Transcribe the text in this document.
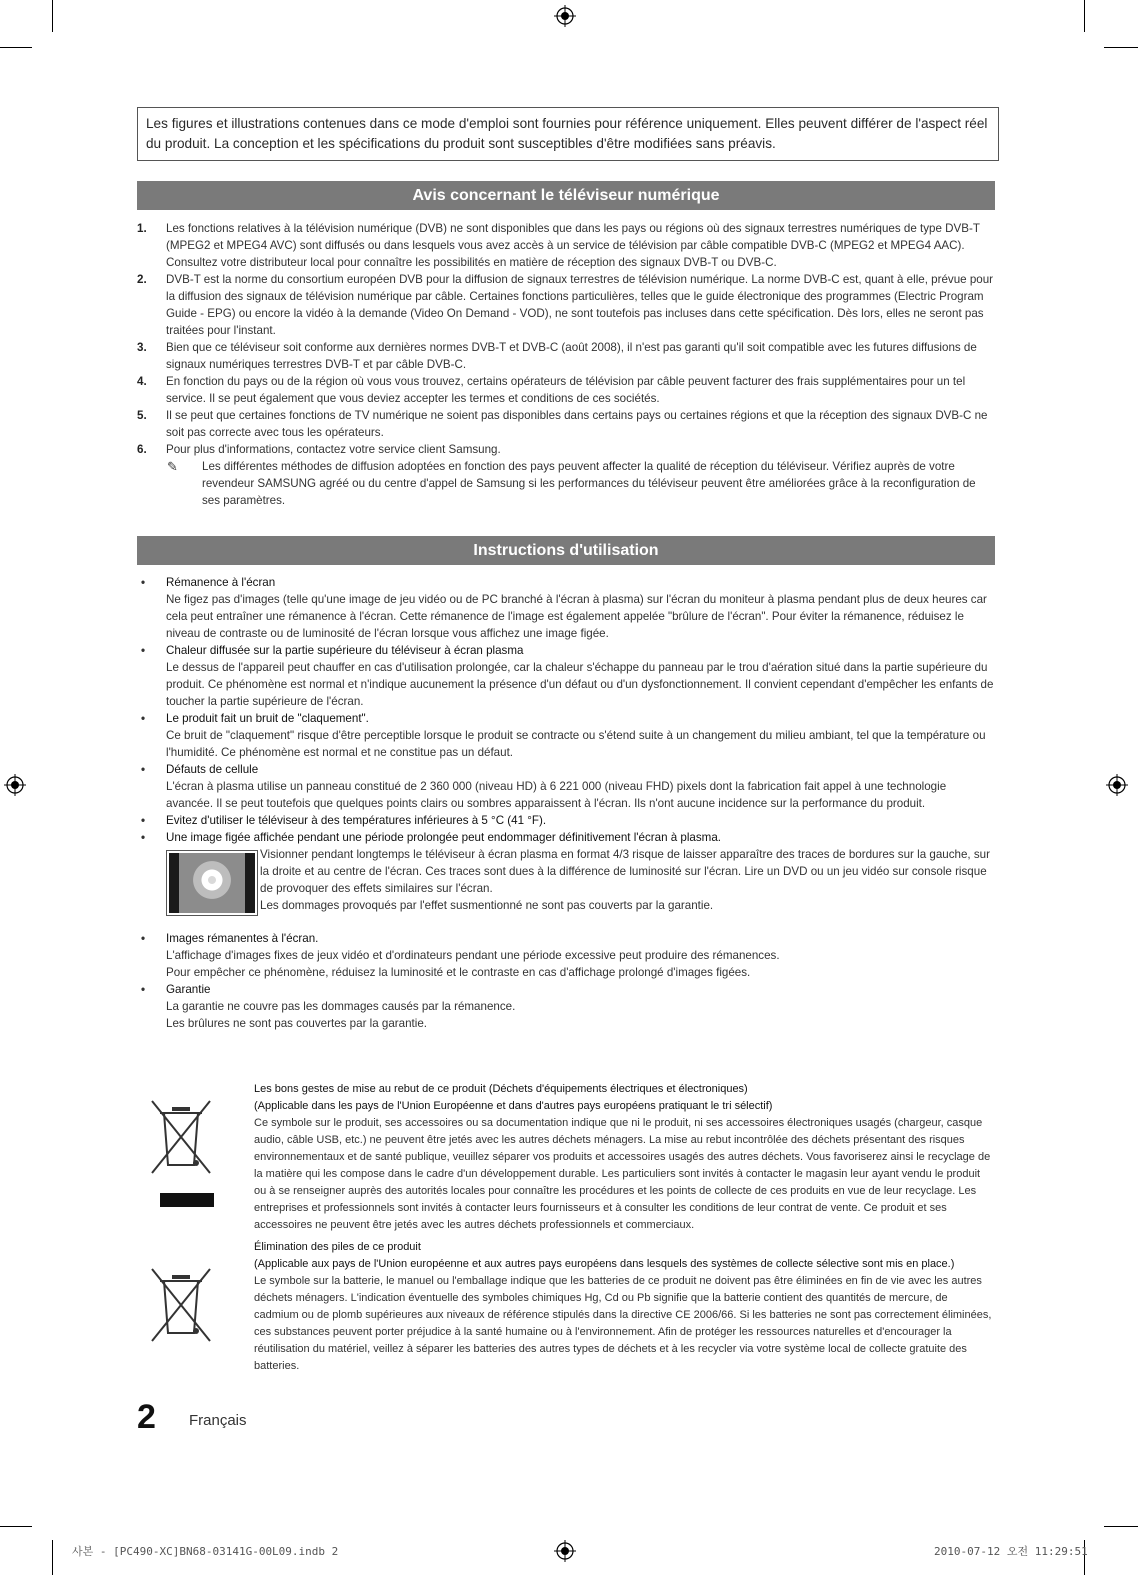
Les figures et illustrations contenues dans ce mode d'emploi sont fournies pour référence uniquement. Elles peuvent différer de l'aspect réel du produit. La conception et les spécifications du produit sont susceptibles d'être modifiées sans préavis.
Avis concernant le téléviseur numérique
1. Les fonctions relatives à la télévision numérique (DVB) ne sont disponibles que dans les pays ou régions où des signaux terrestres numériques de type DVB-T (MPEG2 et MPEG4 AVC) sont diffusés ou dans lesquels vous avez accès à un service de télévision par câble compatible DVB-C (MPEG2 et MPEG4 AAC). Consultez votre distributeur local pour connaître les possibilités en matière de réception des signaux DVB-T ou DVB-C.
2. DVB-T est la norme du consortium européen DVB pour la diffusion de signaux terrestres de télévision numérique. La norme DVB-C est, quant à elle, prévue pour la diffusion des signaux de télévision numérique par câble. Certaines fonctions particulières, telles que le guide électronique des programmes (Electric Program Guide - EPG) ou encore la vidéo à la demande (Video On Demand - VOD), ne sont toutefois pas incluses dans cette spécification. Dès lors, elles ne seront pas traitées pour l'instant.
3. Bien que ce téléviseur soit conforme aux dernières normes DVB-T et DVB-C (août 2008), il n'est pas garanti qu'il soit compatible avec les futures diffusions de signaux numériques terrestres DVB-T et par câble DVB-C.
4. En fonction du pays ou de la région où vous vous trouvez, certains opérateurs de télévision par câble peuvent facturer des frais supplémentaires pour un tel service. Il se peut également que vous deviez accepter les termes et conditions de ces sociétés.
5. Il se peut que certaines fonctions de TV numérique ne soient pas disponibles dans certains pays ou certaines régions et que la réception des signaux DVB-C ne soit pas correcte avec tous les opérateurs.
6. Pour plus d'informations, contactez votre service client Samsung.
✎ Les différentes méthodes de diffusion adoptées en fonction des pays peuvent affecter la qualité de réception du téléviseur. Vérifiez auprès de votre revendeur SAMSUNG agréé ou du centre d'appel de Samsung si les performances du téléviseur peuvent être améliorées grâce à la reconfiguration de ses paramètres.
Instructions d'utilisation
• Rémanence à l'écran
Ne figez pas d'images (telle qu'une image de jeu vidéo ou de PC branché à l'écran à plasma) sur l'écran du moniteur à plasma pendant plus de deux heures car cela peut entraîner une rémanence à l'écran. Cette rémanence de l'image est également appelée "brûlure de l'écran". Pour éviter la rémanence, réduisez le niveau de contraste ou de luminosité de l'écran lorsque vous affichez une image figée.
• Chaleur diffusée sur la partie supérieure du téléviseur à écran plasma
Le dessus de l'appareil peut chauffer en cas d'utilisation prolongée, car la chaleur s'échappe du panneau par le trou d'aération situé dans la partie supérieure du produit. Ce phénomène est normal et n'indique aucunement la présence d'un défaut ou d'un dysfonctionnement. Il convient cependant d'empêcher les enfants de toucher la partie supérieure de l'écran.
• Le produit fait un bruit de "claquement".
Ce bruit de "claquement" risque d'être perceptible lorsque le produit se contracte ou s'étend suite à un changement du milieu ambiant, tel que la température ou l'humidité. Ce phénomène est normal et ne constitue pas un défaut.
• Défauts de cellule
L'écran à plasma utilise un panneau constitué de 2 360 000 (niveau HD) à 6 221 000 (niveau FHD) pixels dont la fabrication fait appel à une technologie avancée. Il se peut toutefois que quelques points clairs ou sombres apparaissent à l'écran. Ils n'ont aucune incidence sur la performance du produit.
• Evitez d'utiliser le téléviseur à des températures inférieures à 5 °C (41 °F).
• Une image figée affichée pendant une période prolongée peut endommager définitivement l'écran à plasma.
Visionner pendant longtemps le téléviseur à écran plasma en format 4/3 risque de laisser apparaître des traces de bordures sur la gauche, sur la droite et au centre de l'écran. Ces traces sont dues à la différence de luminosité sur l'écran. Lire un DVD ou un jeu vidéo sur console risque de provoquer des effets similaires sur l'écran.
Les dommages provoqués par l'effet susmentionné ne sont pas couverts par la garantie.
• Images rémanentes à l'écran.
L'affichage d'images fixes de jeux vidéo et d'ordinateurs pendant une période excessive peut produire des rémanences.
Pour empêcher ce phénomène, réduisez la luminosité et le contraste en cas d'affichage prolongé d'images figées.
• Garantie
La garantie ne couvre pas les dommages causés par la rémanence.
Les brûlures ne sont pas couvertes par la garantie.
Les bons gestes de mise au rebut de ce produit (Déchets d'équipements électriques et électroniques)
(Applicable dans les pays de l'Union Européenne et dans d'autres pays européens pratiquant le tri sélectif)
Ce symbole sur le produit, ses accessoires ou sa documentation indique que ni le produit, ni ses accessoires électroniques usagés (chargeur, casque audio, câble USB, etc.) ne peuvent être jetés avec les autres déchets ménagers. La mise au rebut incontrôlée des déchets présentant des risques environnementaux et de santé publique, veuillez séparer vos produits et accessoires usagés des autres déchets. Vous favoriserez ainsi le recyclage de la matière qui les compose dans le cadre d'un développement durable. Les particuliers sont invités à contacter le magasin leur ayant vendu le produit ou à se renseigner auprès des autorités locales pour connaître les procédures et les points de collecte de ces produits en vue de leur recyclage. Les entreprises et professionnels sont invités à contacter leurs fournisseurs et à consulter les conditions de leur contrat de vente. Ce produit et ses accessoires ne peuvent être jetés avec les autres déchets professionnels et commerciaux.
Élimination des piles de ce produit
(Applicable aux pays de l'Union européenne et aux autres pays européens dans lesquels des systèmes de collecte sélective sont mis en place.)
Le symbole sur la batterie, le manuel ou l'emballage indique que les batteries de ce produit ne doivent pas être éliminées en fin de vie avec les autres déchets ménagers. L'indication éventuelle des symboles chimiques Hg, Cd ou Pb signifie que la batterie contient des quantités de mercure, de cadmium ou de plomb supérieures aux niveaux de référence stipulés dans la directive CE 2006/66. Si les batteries ne sont pas correctement éliminées, ces substances peuvent porter préjudice à la santé humaine ou à l'environnement. Afin de protéger les ressources naturelles et d'encourager la réutilisation du matériel, veillez à séparer les batteries des autres types de déchets et à les recycler via votre système local de collecte gratuite des batteries.
2 Français
사본 - [PC490-XC]BN68-03141G-00L09.indb 2	2010-07-12 오전 11:29:51
